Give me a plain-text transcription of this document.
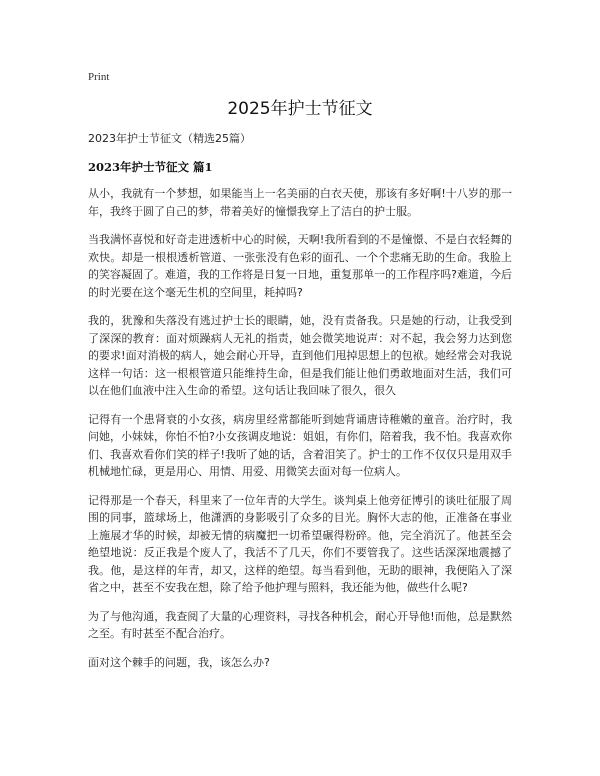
Print
2025年护士节征文
2023年护士节征文（精选25篇）
2023年护士节征文 篇1

从小，我就有一个梦想，如果能当上一名美丽的白衣天使，那该有多好啊!十八岁的那一年，我终于圆了自己的梦，带着美好的憧憬我穿上了洁白的护士服。

当我满怀喜悦和好奇走进透析中心的时候，天啊!我所看到的不是憧憬、不是白衣轻舞的欢快。却是一根根透析管道、一张张没有色彩的面孔、一个个悲痛无助的生命。我脸上的笑容凝固了。难道，我的工作将是日复一日地，重复那单一的工作程序吗?难道，今后的时光要在这个毫无生机的空间里，耗掉吗?

我的，犹豫和失落没有逃过护士长的眼睛，她，没有责备我。只是她的行动，让我受到了深深的教育：面对烦躁病人无礼的指责，她会微笑地说声：对不起，我会努力达到您的要求!面对消极的病人，她会耐心开导，直到他们甩掉思想上的包袱。她经常会对我说这样一句话：这一根根管道只能维持生命，但是我们能让他们勇敢地面对生活，我们可以在他们血液中注入生命的希望。这句话让我回味了很久，很久

记得有一个患肾衰的小女孩，病房里经常都能听到她背诵唐诗稚嫩的童音。治疗时，我问她，小妹妹，你怕不怕?小女孩调皮地说：姐姐，有你们，陪着我，我不怕。我喜欢你们、我喜欢看你们笑的样子!我听了她的话，含着泪笑了。护士的工作不仅仅只是用双手机械地忙碌，更是用心、用情、用爱、用微笑去面对每一位病人。

记得那是一个春天，科里来了一位年青的大学生。谈判桌上他旁征博引的谈吐征服了周围的同事，篮球场上，他潇洒的身影吸引了众多的目光。胸怀大志的他，正准备在事业上施展才华的时候，却被无情的病魔把一切希望碾得粉碎。他，完全消沉了。他甚至会绝望地说：反正我是个废人了，我活不了几天，你们不要管我了。这些话深深地震撼了我。他，是这样的年青，却又，这样的绝望。每当看到他，无助的眼神，我便陷入了深省之中，甚至不安我在想，除了给予他护理与照料，我还能为他，做些什么呢?

为了与他沟通，我查阅了大量的心理资料，寻找各种机会，耐心开导他!而他，总是默然之至。有时甚至不配合治疗。

面对这个棘手的问题，我，该怎么办?
